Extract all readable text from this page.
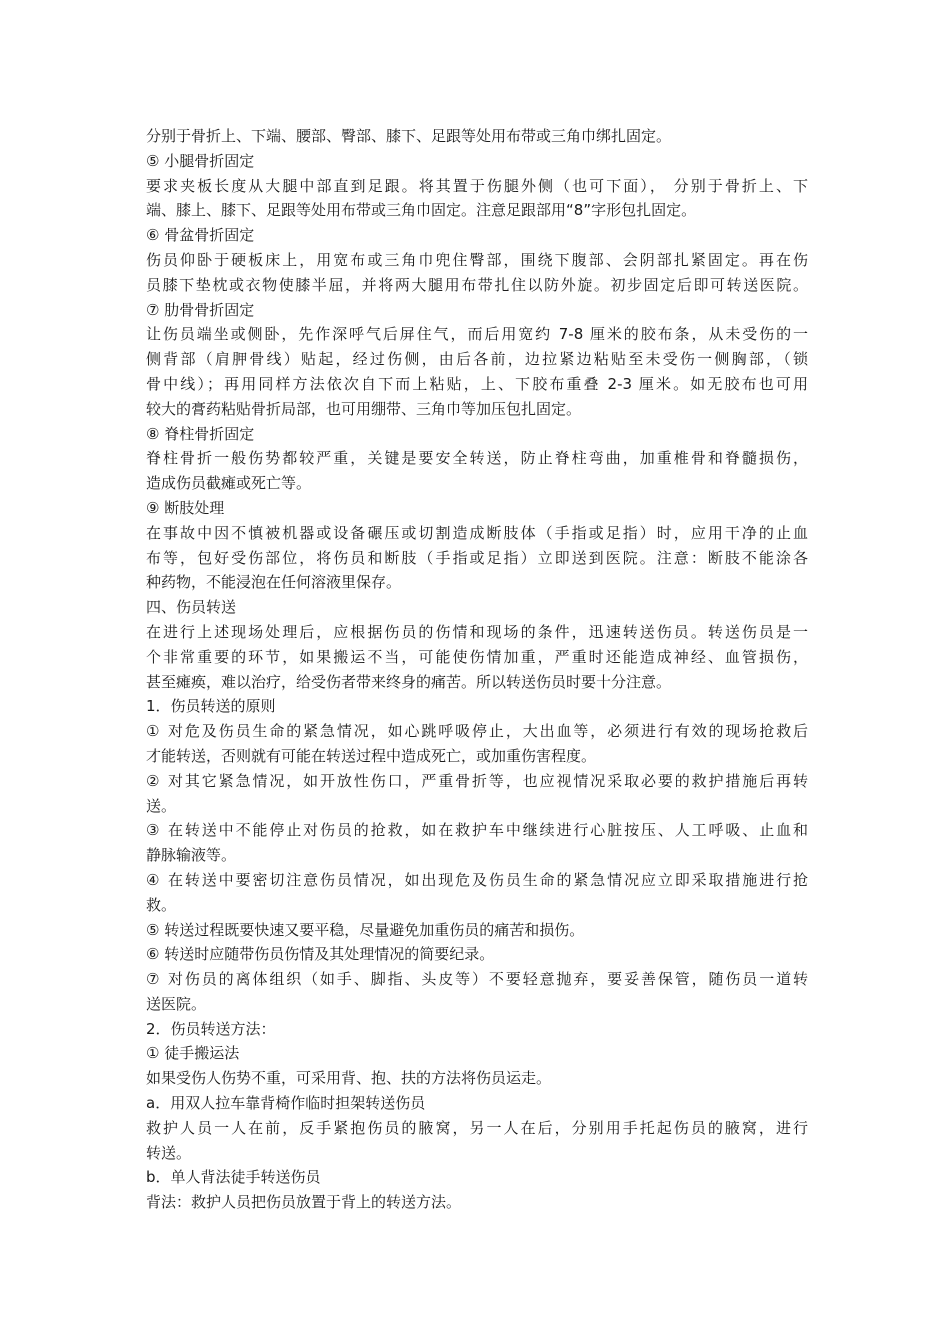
分别于骨折上、下端、腰部、臀部、膝下、足跟等处用布带或三角巾绑扎固定。
⑤ 小腿骨折固定
要求夹板长度从大腿中部直到足跟。将其置于伤腿外侧（也可下面）， 分别于骨折上、下
端、膝上、膝下、足跟等处用布带或三角巾固定。注意足跟部用“8”字形包扎固定。
⑥ 骨盆骨折固定
伤员仰卧于硬板床上，用宽布或三角巾兜住臀部，围绕下腹部、会阴部扎紧固定。再在伤
员膝下垫枕或衣物使膝半屈，并将两大腿用布带扎住以防外旋。初步固定后即可转送医院。
⑦ 肋骨骨折固定
让伤员端坐或侧卧，先作深呼气后屏住气，而后用宽约 7-8 厘米的胶布条，从未受伤的一
侧背部（肩胛骨线）贴起，经过伤侧，由后各前，边拉紧边粘贴至未受伤一侧胸部，（锁
骨中线）；再用同样方法依次自下而上粘贴，上、下胶布重叠 2-3 厘米。如无胶布也可用
较大的膏药粘贴骨折局部，也可用绷带、三角巾等加压包扎固定。
⑧ 脊柱骨折固定
脊柱骨折一般伤势都较严重，关键是要安全转送，防止脊柱弯曲，加重椎骨和脊髓损伤，
造成伤员截瘫或死亡等。
⑨ 断肢处理
在事故中因不慎被机器或设备碾压或切割造成断肢体（手指或足指）时，应用干净的止血
布等，包好受伤部位，将伤员和断肢（手指或足指）立即送到医院。注意：断肢不能涂各
种药物，不能浸泡在任何溶液里保存。
四、伤员转送
在进行上述现场处理后，应根据伤员的伤情和现场的条件，迅速转送伤员。转送伤员是一
个非常重要的环节，如果搬运不当，可能使伤情加重，严重时还能造成神经、血管损伤，
甚至瘫痪，难以治疗，给受伤者带来终身的痛苦。所以转送伤员时要十分注意。
1．伤员转送的原则
① 对危及伤员生命的紧急情况，如心跳呼吸停止，大出血等，必须进行有效的现场抢救后
才能转送，否则就有可能在转送过程中造成死亡，或加重伤害程度。
② 对其它紧急情况，如开放性伤口，严重骨折等，也应视情况采取必要的救护措施后再转
送。
③ 在转送中不能停止对伤员的抢救，如在救护车中继续进行心脏按压、人工呼吸、止血和
静脉输液等。
④ 在转送中要密切注意伤员情况，如出现危及伤员生命的紧急情况应立即采取措施进行抢
救。
⑤ 转送过程既要快速又要平稳，尽量避免加重伤员的痛苦和损伤。
⑥ 转送时应随带伤员伤情及其处理情况的简要纪录。
⑦ 对伤员的离体组织（如手、脚指、头皮等）不要轻意抛弃，要妥善保管，随伤员一道转
送医院。
2．伤员转送方法：
① 徒手搬运法
如果受伤人伤势不重，可采用背、抱、扶的方法将伤员运走。
a．用双人拉车靠背椅作临时担架转送伤员
救护人员一人在前，反手紧抱伤员的腋窝，另一人在后，分别用手托起伤员的腋窝，进行
转送。
b．单人背法徒手转送伤员
背法：救护人员把伤员放置于背上的转送方法。
